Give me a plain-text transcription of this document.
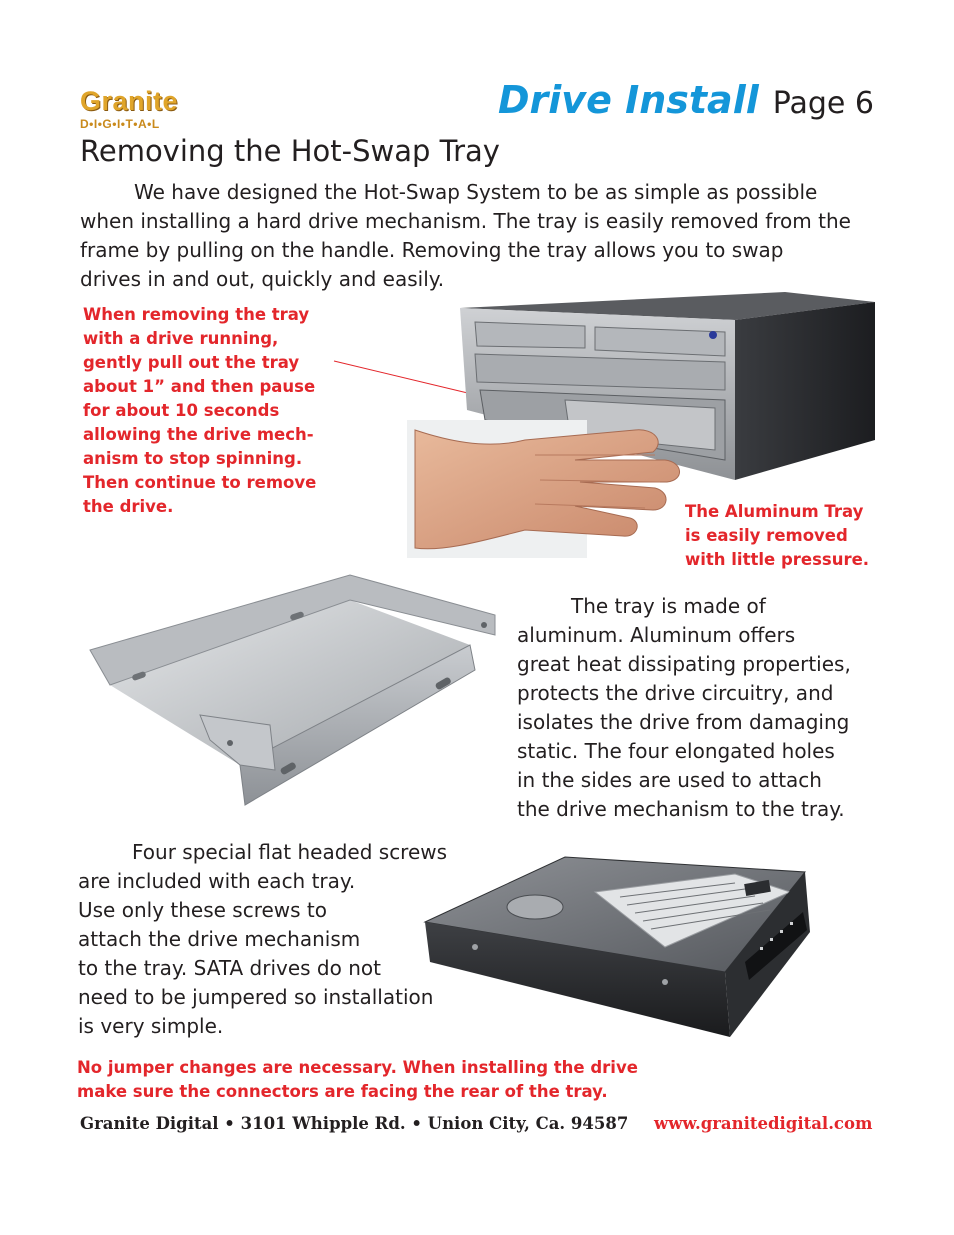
Granite
D•I•G•I•T•A•L
Drive Install Page 6
Removing the Hot-Swap Tray
We have designed the Hot-Swap System to be as simple as possible
when installing a hard drive mechanism. The tray is easily removed from the
frame by pulling on the handle. Removing the tray allows you to swap
drives in and out, quickly and easily.
When removing the tray
with a drive running,
gently pull out the tray
about 1” and then pause
for about 10 seconds
allowing the drive mech-
anism to stop spinning.
Then continue to remove
the drive.	The Aluminum Tray
is easily removed
with little pressure.
The tray is made of
aluminum. Aluminum offers
great heat dissipating properties,
protects the drive circuitry, and
isolates the drive from damaging
static. The four elongated holes
in the sides are used to attach
the drive mechanism to the tray.
Four special flat headed screws
are included with each tray.
Use only these screws to
attach the drive mechanism
to the tray. SATA drives do not
need to be jumpered so installation
is very simple.
No jumper changes are necessary. When installing the drive
make sure the connectors are facing the rear of the tray.
Granite Digital • 3101 Whipple Rd. • Union City, Ca. 94587 www.granitedigital.com
